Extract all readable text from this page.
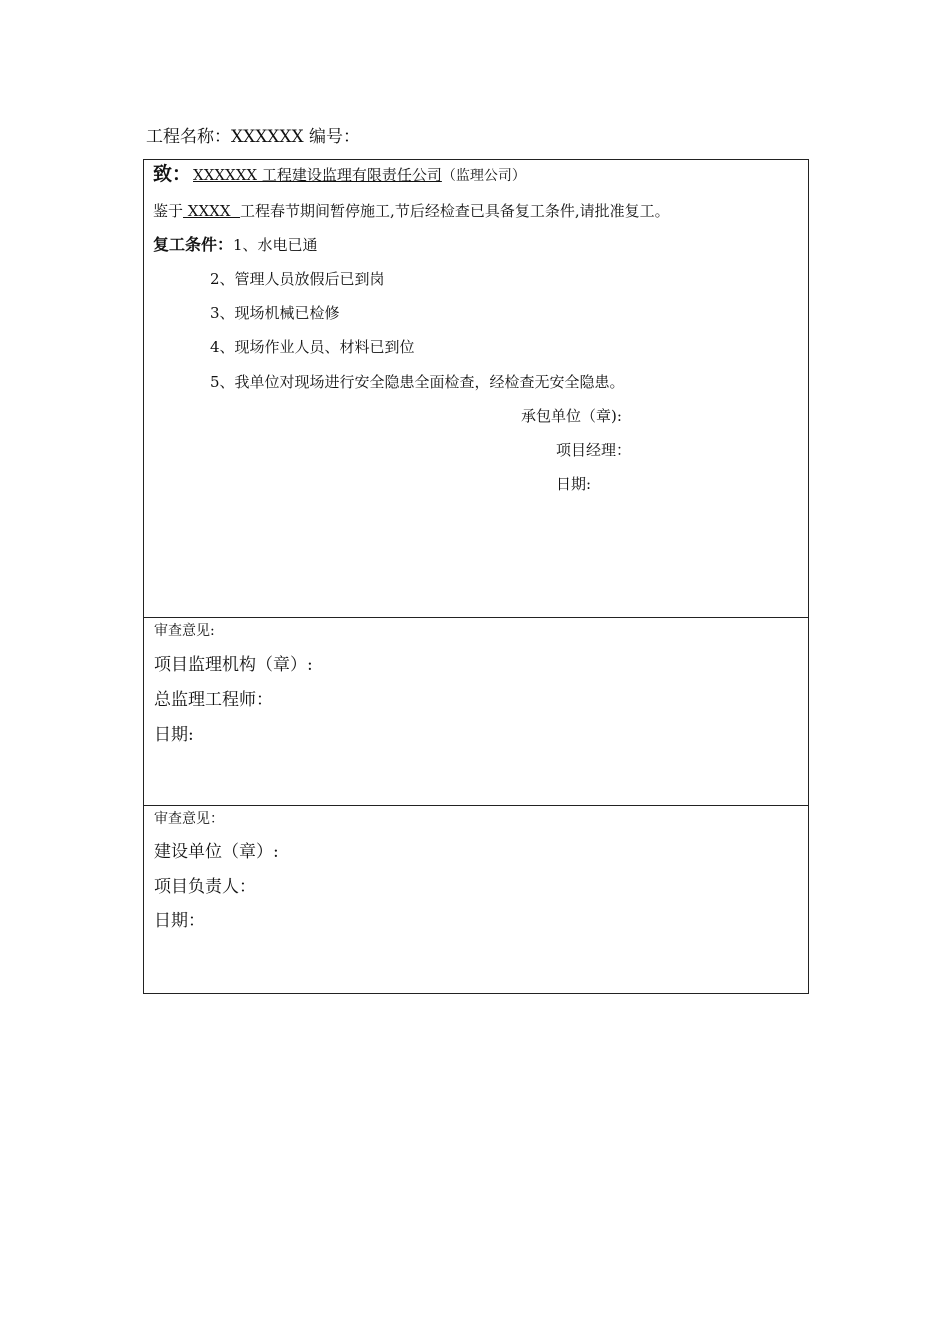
工程名称：XXXXXX 编号：
致： XXXXXX 工程建设监理有限责任公司（监理公司）
鉴于 XXXX  工程春节期间暂停施工,节后经检查已具备复工条件,请批准复工。
复工条件：1、水电已通
2、管理人员放假后已到岗
3、现场机械已检修
4、现场作业人员、材料已到位
5、我单位对现场进行安全隐患全面检查，经检查无安全隐患。
承包单位（章):
项目经理：
日期:
审查意见:
项目监理机构（章）:
总监理工程师：
日期:
审查意见：
建设单位（章）:
项目负责人：
日期：
